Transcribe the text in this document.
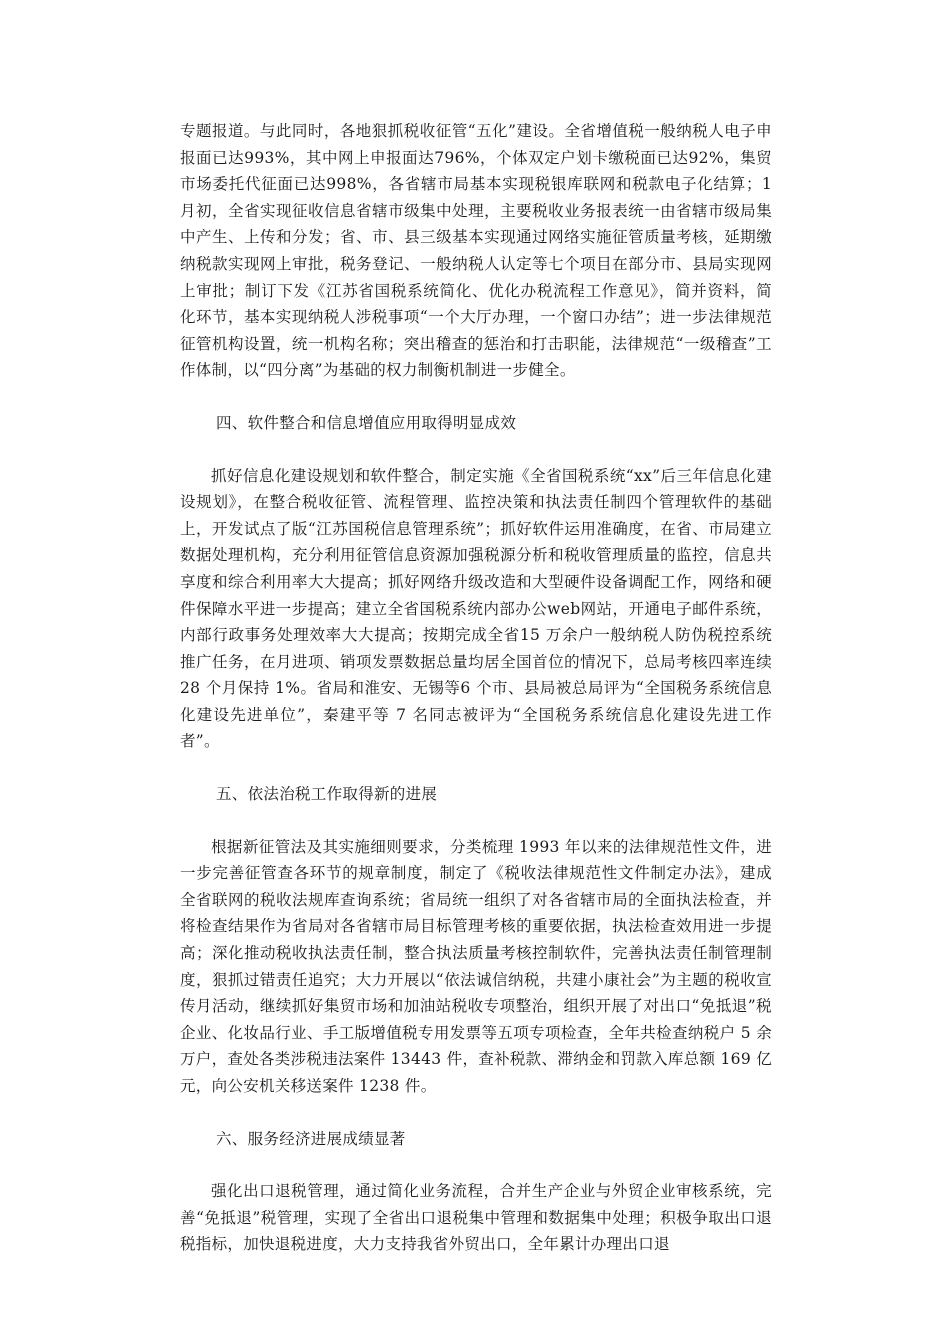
专题报道。与此同时，各地狠抓税收征管“五化”建设。全省增值税一般纳税人电子申报面已达993%，其中网上申报面达796%，个体双定户划卡缴税面已达92%，集贸市场委托代征面已达998%，各省辖市局基本实现税银库联网和税款电子化结算；1月初，全省实现征收信息省辖市级集中处理，主要税收业务报表统一由省辖市级局集中产生、上传和分发；省、市、县三级基本实现通过网络实施征管质量考核，延期缴纳税款实现网上审批，税务登记、一般纳税人认定等七个项目在部分市、县局实现网上审批；制订下发《江苏省国税系统简化、优化办税流程工作意见》，简并资料，简化环节，基本实现纳税人涉税事项“一个大厅办理，一个窗口办结”；进一步法律规范征管机构设置，统一机构名称；突出稽查的惩治和打击职能，法律规范“一级稽查”工作体制，以“四分离”为基础的权力制衡机制进一步健全。

四、软件整合和信息增值应用取得明显成效

抓好信息化建设规划和软件整合，制定实施《全省国税系统“xx”后三年信息化建设规划》，在整合税收征管、流程管理、监控决策和执法责任制四个管理软件的基础上，开发试点了版“江苏国税信息管理系统”；抓好软件运用准确度，在省、市局建立数据处理机构，充分利用征管信息资源加强税源分析和税收管理质量的监控，信息共享度和综合利用率大大提高；抓好网络升级改造和大型硬件设备调配工作，网络和硬件保障水平进一步提高；建立全省国税系统内部办公web网站，开通电子邮件系统，内部行政事务处理效率大大提高；按期完成全省15 万余户一般纳税人防伪税控系统推广任务，在月进项、销项发票数据总量均居全国首位的情况下，总局考核四率连续 28 个月保持 1%。省局和淮安、无锡等6 个市、县局被总局评为“全国税务系统信息化建设先进单位”，秦建平等 7 名同志被评为“全国税务系统信息化建设先进工作者”。

五、依法治税工作取得新的进展

根据新征管法及其实施细则要求，分类梳理 1993 年以来的法律规范性文件，进一步完善征管查各环节的规章制度，制定了《税收法律规范性文件制定办法》，建成全省联网的税收法规库查询系统；省局统一组织了对各省辖市局的全面执法检查，并将检查结果作为省局对各省辖市局目标管理考核的重要依据，执法检查效用进一步提高；深化推动税收执法责任制，整合执法质量考核控制软件，完善执法责任制管理制度，狠抓过错责任追究；大力开展以“依法诚信纳税，共建小康社会”为主题的税收宣传月活动，继续抓好集贸市场和加油站税收专项整治，组织开展了对出口“免抵退”税企业、化妆品行业、手工版增值税专用发票等五项专项检查，全年共检查纳税户 5 余万户，查处各类涉税违法案件 13443 件，查补税款、滞纳金和罚款入库总额 169 亿元，向公安机关移送案件 1238 件。

六、服务经济进展成绩显著

强化出口退税管理，通过简化业务流程，合并生产企业与外贸企业审核系统，完善“免抵退”税管理，实现了全省出口退税集中管理和数据集中处理；积极争取出口退税指标，加快退税进度，大力支持我省外贸出口，全年累计办理出口退
